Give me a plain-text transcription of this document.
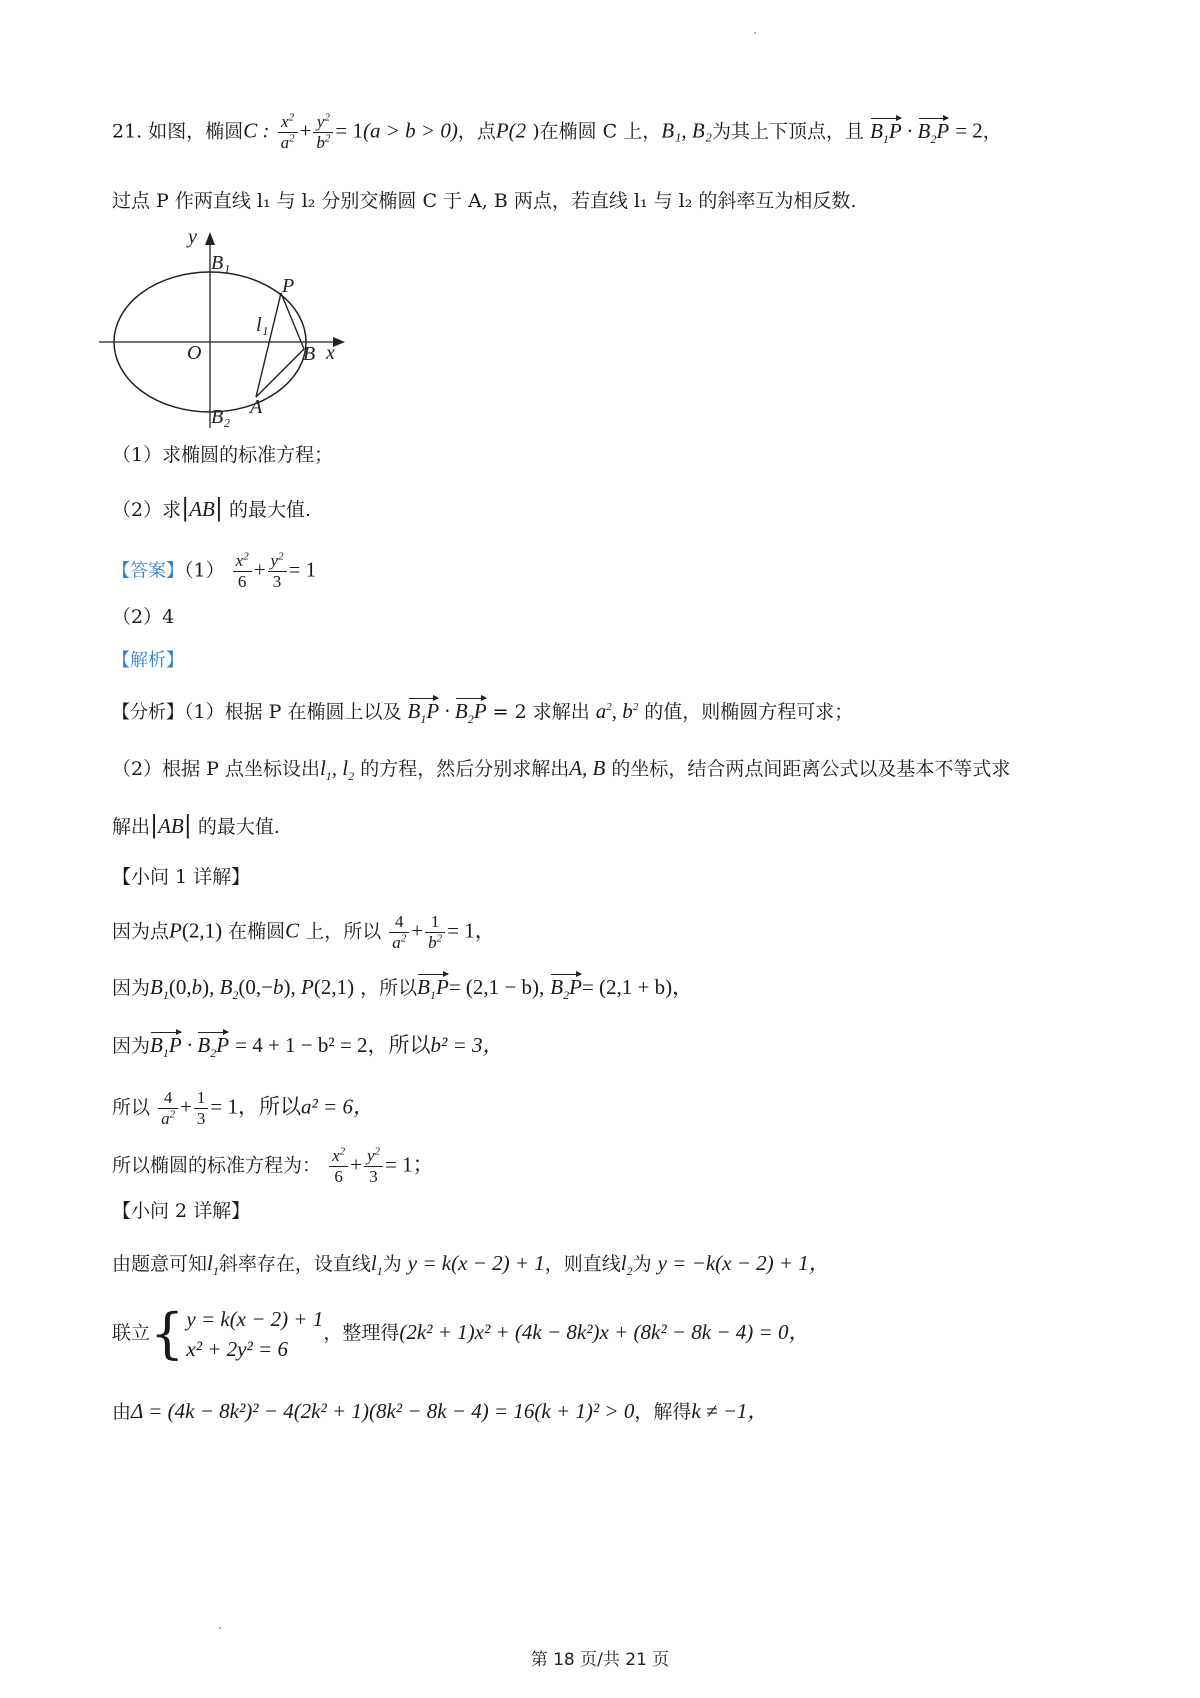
21. 如图，椭圆C : $\frac{x^2}{a^2} + \frac{y^2}{b^2} = 1(a > b > 0)$，点P(2 )在椭圆 C 上，B₁, B₂为其上下顶点，且 $B_1P \cdot B_2P = 2$，
过点 P 作两直线 l₁ 与 l₂ 分别交椭圆 C 于 A, B 两点，若直线 l₁ 与 l₂ 的斜率互为相反数.
y
x
O
B₁
B₂
P
l₁
B
A
（1）求椭圆的标准方程；
（2）求|AB| 的最大值.
【答案】$(1) \frac{x^2}{6} + \frac{y^2}{3} = 1$
（2）4
【解析】
【分析】（1）根据 P 在椭圆上以及 $B_1P \cdot B_2P = 2$ 求解出 $a^2$, $b^2$ 的值，则椭圆方程可求；
（2）根据 P 点坐标设出$l_1$, $l_2$ 的方程，然后分别求解出A, B 的坐标，结合两点间距离公式以及基本不等式求
解出|AB| 的最大值.
【小问 1 详解】
因为点P(2,1) 在椭圆C 上，所以 $\frac{4}{a^2} + \frac{1}{b^2} = 1$，
因为$B_1(0,b)$, $B_2(0,-b)$, P(2,1) ，所以$B_1P= (2,1 - b)$, $B_2P= (2,1 + b)$，
因为$B_1P \cdot B_2P = 4 + 1 - b^2 = 2$，所以b² = 3，
所以 $\frac{4}{a^2} + \frac{1}{3} = 1$，所以a² = 6，
所以椭圆的标准方程为： $\frac{x^2}{6} + \frac{y^2}{3} = 1$；
【小问 2 详解】
由题意可知$l_1$斜率存在，设直线$l_1$为 y = k(x − 2) + 1，则直线$l_2$为 y = −k(x − 2) + 1，
联立{ y = k(x − 2) + 1
x² + 2y² = 6
，整理得(2k² + 1)x² + (4k − 8k²)x + (8k² − 8k − 4) = 0，
由Δ = (4k − 8k²)² − 4(2k² + 1)(8k² − 8k − 4) = 16(k + 1)² > 0，解得k ≠ −1，
第 18 页/共 21 页
